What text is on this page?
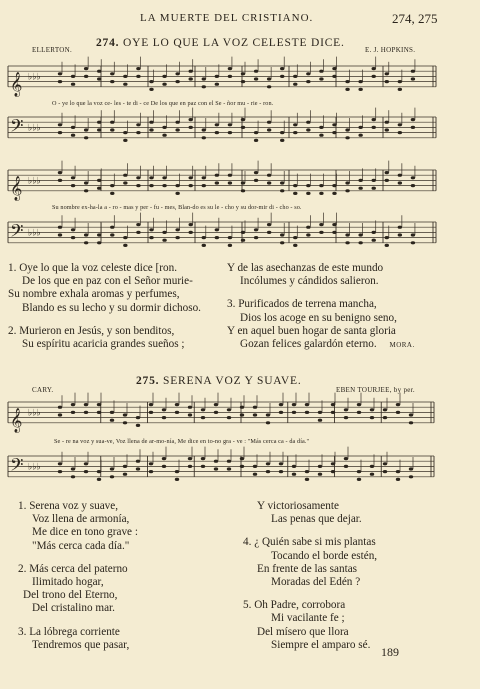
LA MUERTE DEL CRISTIANO.	274, 275
274. OYE LO QUE LA VOZ CELESTE DICE.
ELLERTON.	E. J. HOPKINS.
𝄞 ♭♭♭
𝄢 ♭♭♭
𝄞 ♭♭♭
𝄢 ♭♭♭
𝄞 ♭♭♭
𝄢 ♭♭♭
O - ye lo que la voz ce- les - te di - ce De los que en paz con el Se - ñor mu - rie - ron.
Su nombre ex-ha-la a - ro - mas y per - fu - mes, Blan-do es su le - cho y su dor-mir di - cho - so.
1. Oye lo que la voz celeste dice [ron.
De los que en paz con el Señor murie-
Su nombre exhala aromas y perfumes,
Blando es su lecho y su dormir dichoso.
2. Murieron en Jesús, y son benditos,
Su espíritu acaricia grandes sueños ;
Y de las asechanzas de este mundo
Incólumes y cándidos salieron.
3. Purificados de terrena mancha,
Dios los acoge en su benigno seno,
Y en aquel buen hogar de santa gloria
Gozan felices galardón eterno. MORA.
275. SERENA VOZ Y SUAVE.
CARY.	EBEN TOURJEE, by per.
Se - re na voz y sua-ve, Voz llena de ar-mo-nía, Me dice en to-no gra - ve : "Más cerca ca - da día."
1. Serena voz y suave,
Voz llena de armonía,
Me dice en tono grave :
"Más cerca cada día."
2. Más cerca del paterno
Ilimitado hogar,
Del trono del Eterno,
Del cristalino mar.
3. La lóbrega corriente
Tendremos que pasar,
Y victoriosamente
Las penas que dejar.
4. ¿ Quién sabe si mis plantas
Tocando el borde estén,
En frente de las santas
Moradas del Edén ?
5. Oh Padre, corrobora
Mi vacilante fe ;
Del mísero que llora
Siempre el amparo sé.
189
